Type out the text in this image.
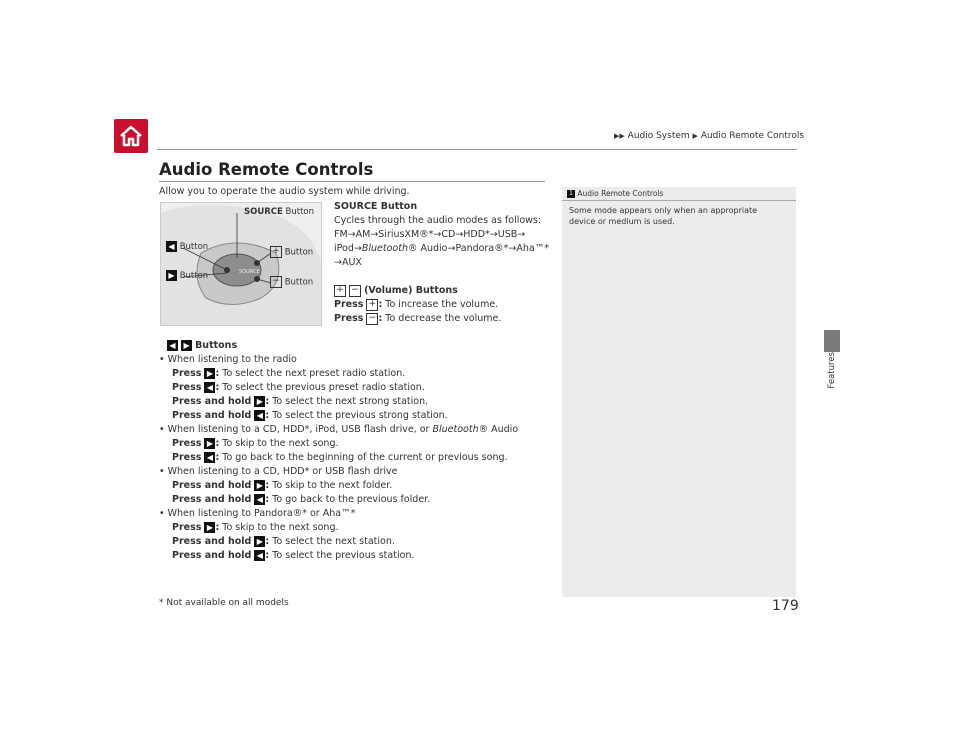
▶▶ Audio System ▶ Audio Remote Controls
Audio Remote Controls
Allow you to operate the audio system while driving.
SOURCE
SOURCE Button
◀ Button
▶ Button
+ Button
− Button
SOURCE Button
Cycles through the audio modes as follows:
FM→AM→SiriusXM®*→CD→HDD*→USB→
iPod→Bluetooth® Audio→Pandora®*→Aha™*
→AUX
+ − (Volume) Buttons
Press + : To increase the volume.
Press − : To decrease the volume.
◀ ▶ Buttons
• When listening to the radio
Press ▶ : To select the next preset radio station.
Press ◀ : To select the previous preset radio station.
Press and hold ▶ : To select the next strong station.
Press and hold ◀ : To select the previous strong station.
• When listening to a CD, HDD*, iPod, USB flash drive, or Bluetooth® Audio
Press ▶ : To skip to the next song.
Press ◀ : To go back to the beginning of the current or previous song.
• When listening to a CD, HDD* or USB flash drive
Press and hold ▶ : To skip to the next folder.
Press and hold ◀ : To go back to the previous folder.
• When listening to Pandora®* or Aha™*
Press ▶ : To skip to the next song.
Press and hold ▶ : To select the next station.
Press and hold ◀ : To select the previous station.
1 Audio Remote Controls
Some mode appears only when an appropriate device or medium is used.
Features
* Not available on all models	179
